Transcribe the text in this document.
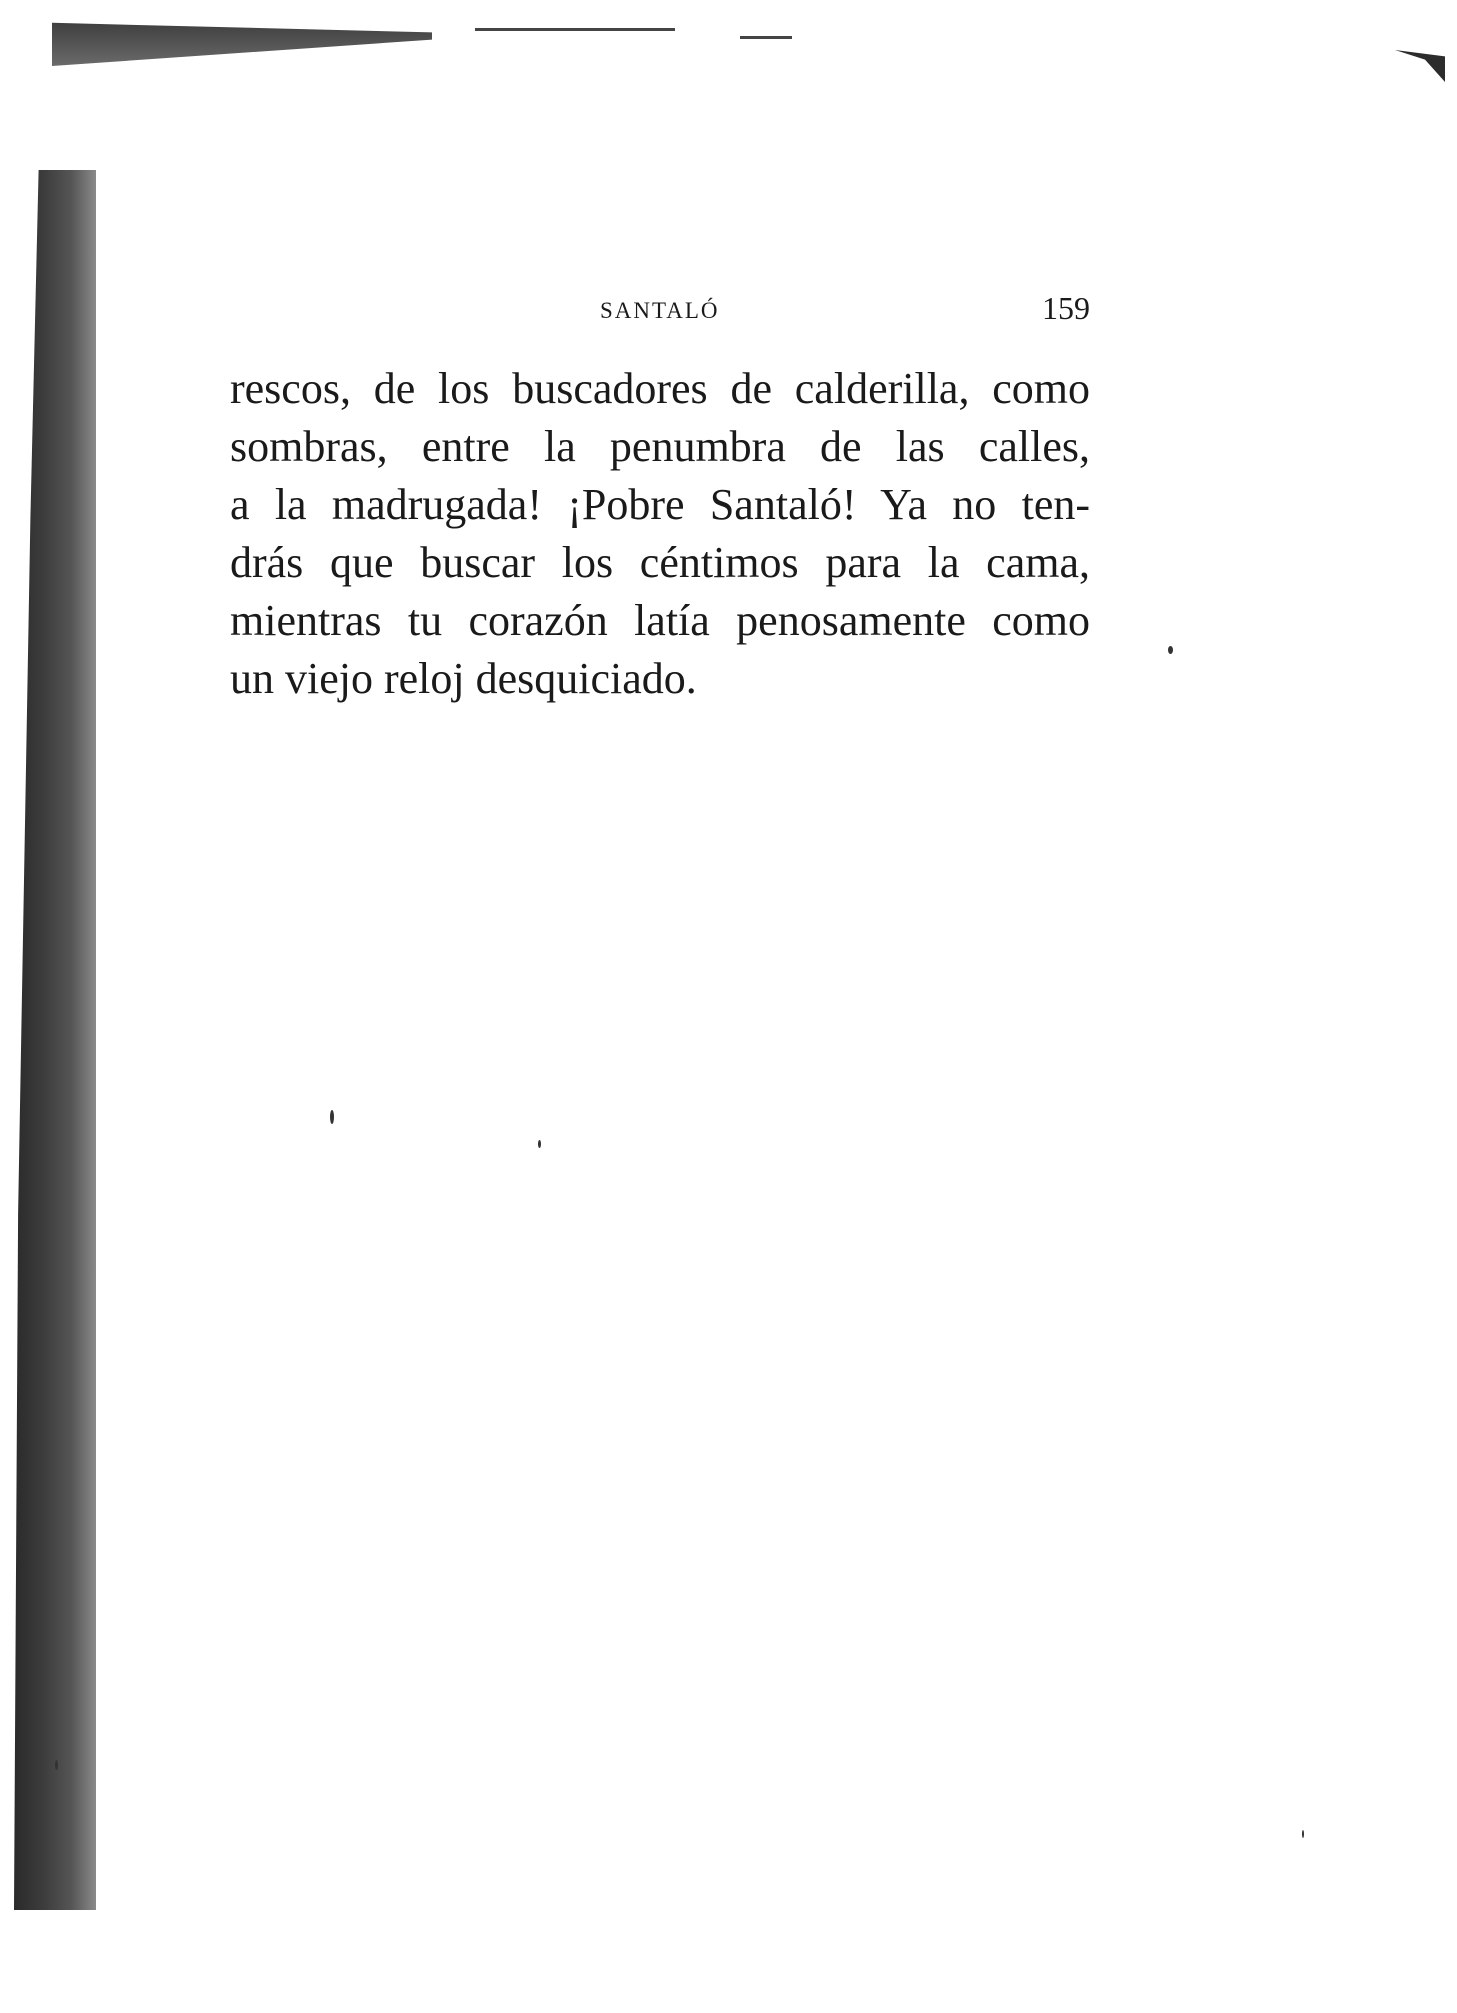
SANTALÓ	159
rescos, de los buscadores de calderilla, como
sombras, entre la penumbra de las calles,
a la madrugada! ¡Pobre Santaló! Ya no ten-
drás que buscar los céntimos para la cama,
mientras tu corazón latía penosamente como
un viejo reloj desquiciado.
